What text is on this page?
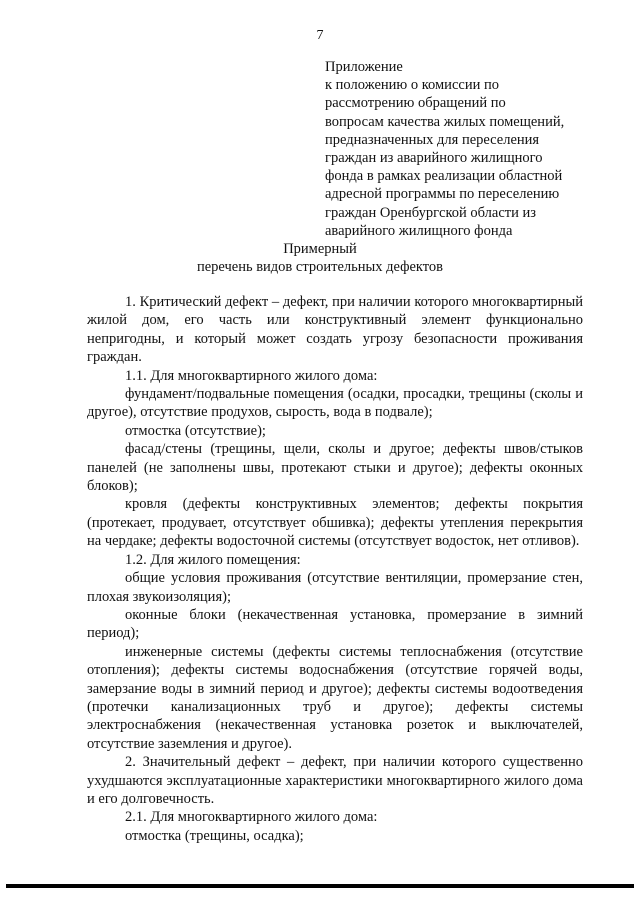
7
Приложение
к положению о комиссии по
рассмотрению обращений по
вопросам качества жилых помещений,
предназначенных для переселения
граждан из аварийного жилищного
фонда в рамках реализации областной
адресной программы по переселению
граждан Оренбургской области из
аварийного жилищного фонда
Примерный
перечень видов строительных дефектов

1. Критический дефект – дефект, при наличии которого многоквартирный жилой дом, его часть или конструктивный элемент функционально непригодны, и который может создать угрозу безопасности проживания граждан.

1.1. Для многоквартирного жилого дома:

фундамент/подвальные помещения (осадки, просадки, трещины (сколы и другое), отсутствие продухов, сырость, вода в подвале);

отмостка (отсутствие);

фасад/стены (трещины, щели, сколы и другое; дефекты швов/стыков панелей (не заполнены швы, протекают стыки и другое); дефекты оконных блоков);

кровля (дефекты конструктивных элементов; дефекты покрытия (протекает, продувает, отсутствует обшивка); дефекты утепления перекрытия на чердаке; дефекты водосточной системы (отсутствует водосток, нет отливов).

1.2. Для жилого помещения:

общие условия проживания (отсутствие вентиляции, промерзание стен, плохая звукоизоляция);

оконные блоки (некачественная установка, промерзание в зимний период);

инженерные системы (дефекты системы теплоснабжения (отсутствие отопления); дефекты системы водоснабжения (отсутствие горячей воды, замерзание воды в зимний период и другое); дефекты системы водоотведения (протечки канализационных труб и другое); дефекты системы электроснабжения (некачественная установка розеток и выключателей, отсутствие заземления и другое).

2. Значительный дефект – дефект, при наличии которого существенно ухудшаются эксплуатационные характеристики многоквартирного жилого дома и его долговечность.

2.1. Для многоквартирного жилого дома:

отмостка (трещины, осадка);
